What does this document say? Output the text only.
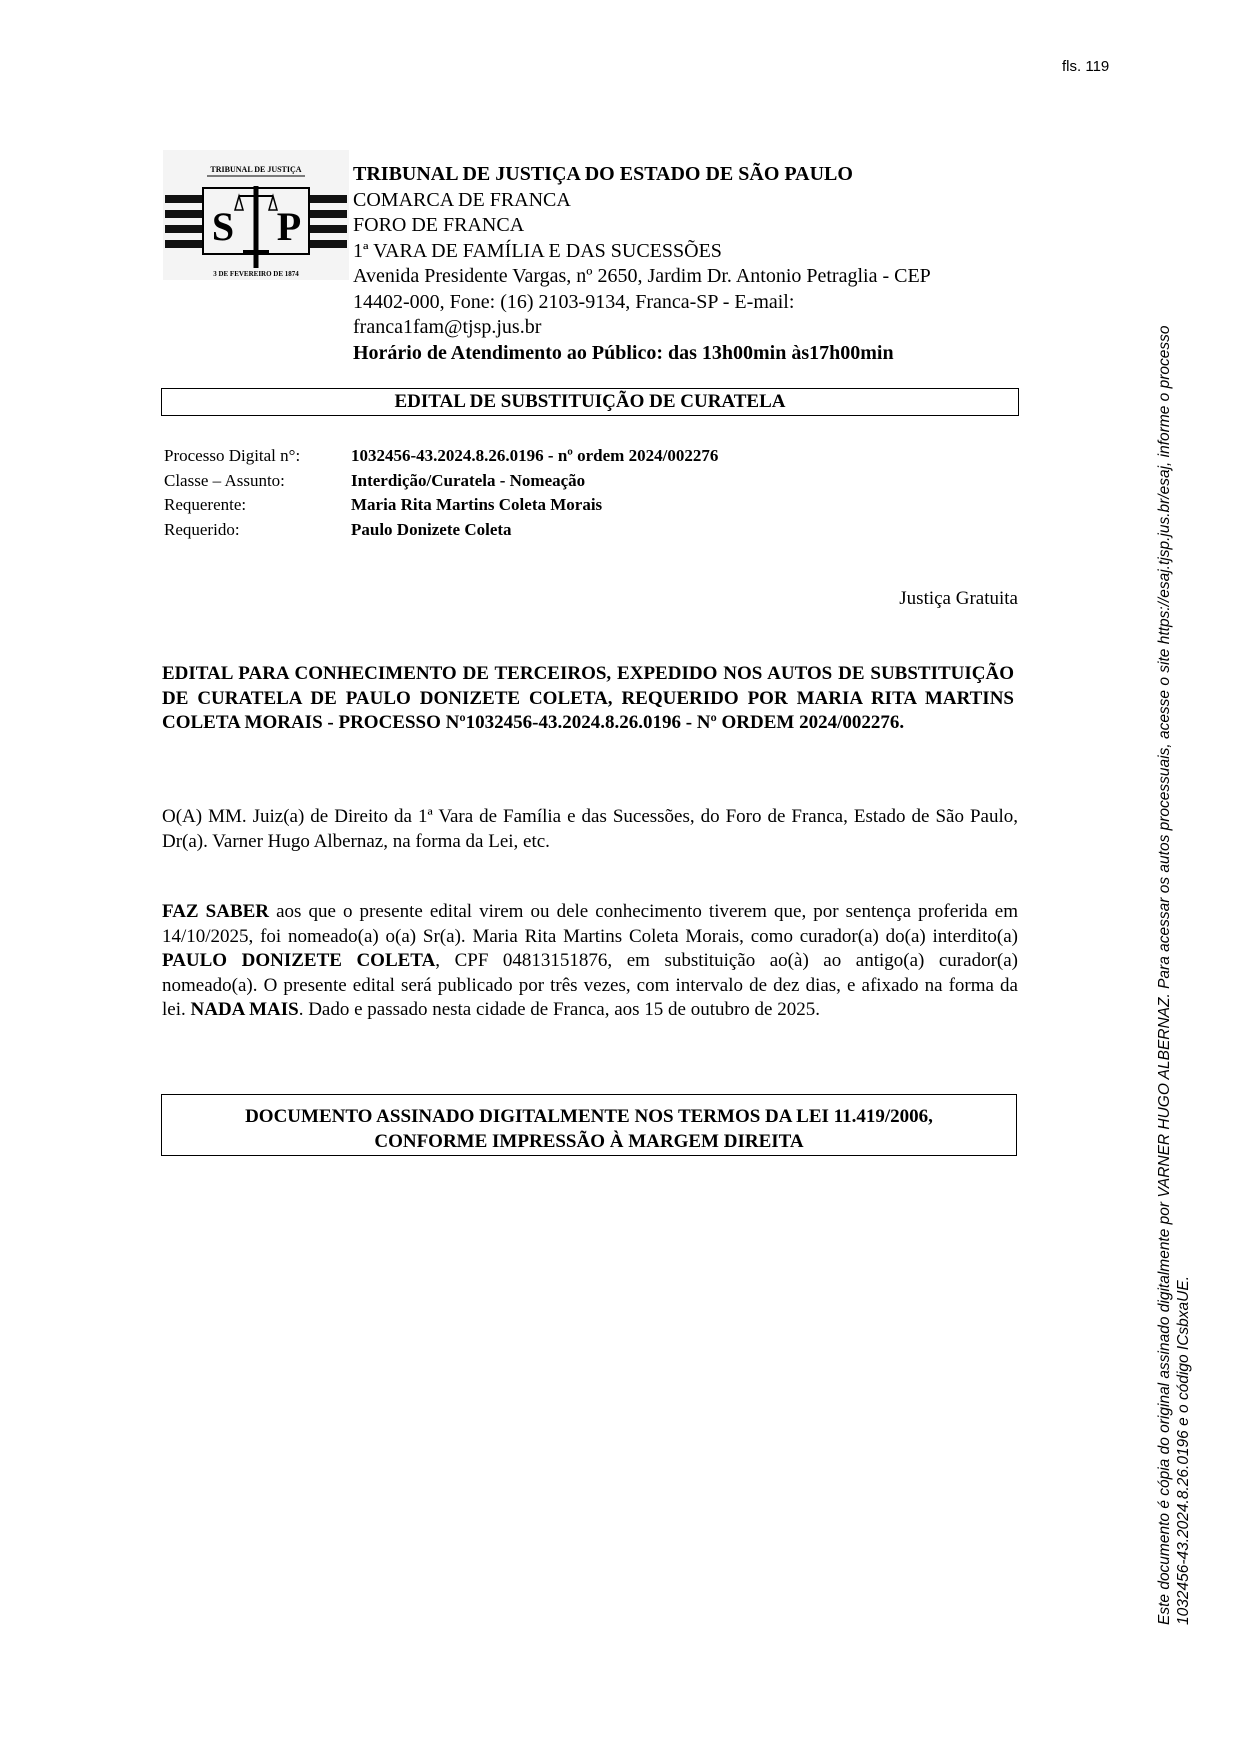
fls. 119
TRIBUNAL DE JUSTIÇA
S P
3 DE FEVEREIRO DE 1874
TRIBUNAL DE JUSTIÇA DO ESTADO DE SÃO PAULO
COMARCA DE FRANCA
FORO DE FRANCA
1ª VARA DE FAMÍLIA E DAS SUCESSÕES
Avenida Presidente Vargas, nº 2650, Jardim Dr. Antonio Petraglia - CEP
14402-000, Fone: (16) 2103-9134, Franca-SP - E-mail:
franca1fam@tjsp.jus.br
Horário de Atendimento ao Público: das 13h00min às17h00min
EDITAL DE SUBSTITUIÇÃO DE CURATELA
Processo Digital n°:	1032456-43.2024.8.26.0196 - nº ordem 2024/002276
Classe – Assunto:	Interdição/Curatela - Nomeação
Requerente:	Maria Rita Martins Coleta Morais
Requerido:	Paulo Donizete Coleta
Justiça Gratuita
EDITAL PARA CONHECIMENTO DE TERCEIROS, EXPEDIDO NOS AUTOS DE SUBSTITUIÇÃO DE CURATELA DE PAULO DONIZETE COLETA, REQUERIDO POR MARIA RITA MARTINS COLETA MORAIS - PROCESSO Nº1032456-43.2024.8.26.0196 - Nº ORDEM 2024/002276.
O(A) MM. Juiz(a) de Direito da 1ª Vara de Família e das Sucessões, do Foro de Franca, Estado de São Paulo, Dr(a). Varner Hugo Albernaz, na forma da Lei, etc.
FAZ SABER aos que o presente edital virem ou dele conhecimento tiverem que, por sentença proferida em 14/10/2025, foi nomeado(a) o(a) Sr(a). Maria Rita Martins Coleta Morais, como curador(a) do(a) interdito(a) PAULO DONIZETE COLETA, CPF 04813151876, em substituição ao(à) ao antigo(a) curador(a) nomeado(a). O presente edital será publicado por três vezes, com intervalo de dez dias, e afixado na forma da lei. NADA MAIS. Dado e passado nesta cidade de Franca, aos 15 de outubro de 2025.
DOCUMENTO ASSINADO DIGITALMENTE NOS TERMOS DA LEI 11.419/2006,
CONFORME IMPRESSÃO À MARGEM DIREITA	Este documento é cópia do original assinado digitalmente por VARNER HUGO ALBERNAZ. Para acessar os autos processuais, acesse o site https://esaj.tjsp.jus.br/esaj, informe o processo 1032456-43.2024.8.26.0196 e o código ICsbxaUE.
